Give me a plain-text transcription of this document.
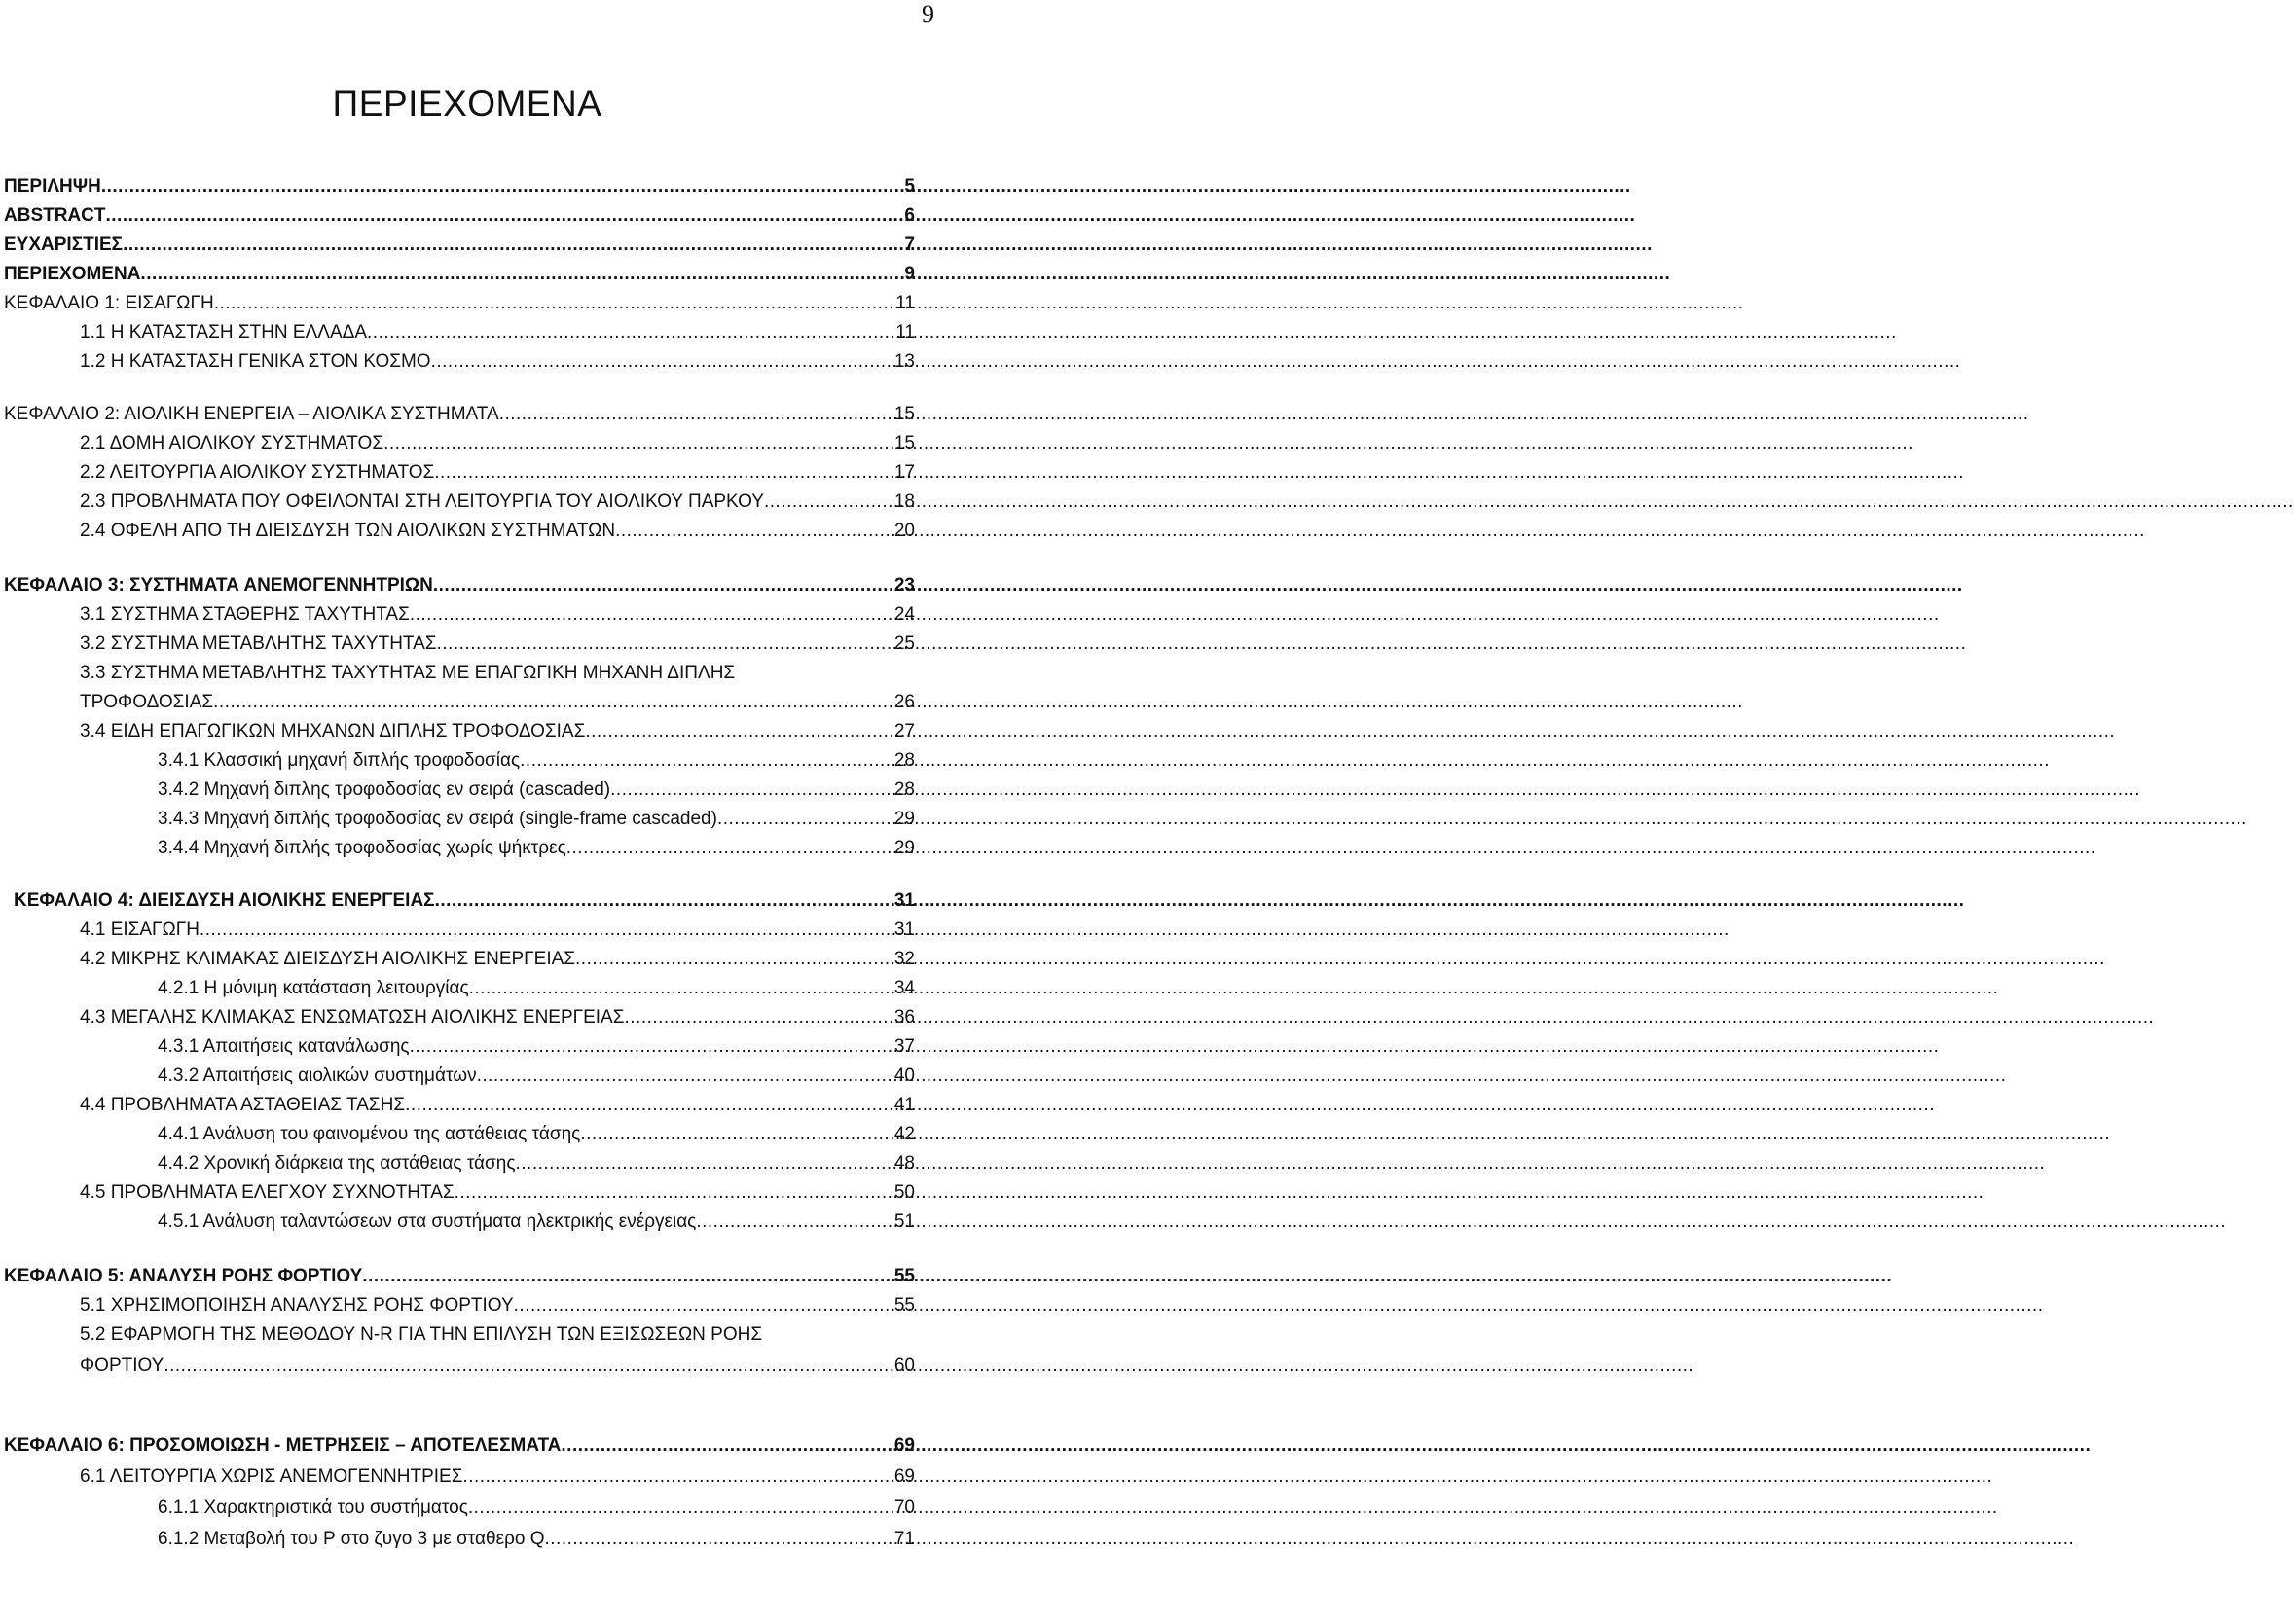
9
ΠΕΡΙΕΧΟΜΕΝΑ
ΠΕΡΙΛΗΨΗ .....	5
ABSTRACT .....	6
ΕΥΧΑΡΙΣΤΙΕΣ .....	7
ΠΕΡΙΕΧΟΜΕΝΑ .....	9
ΚΕΦΑΛΑΙΟ 1: ΕΙΣΑΓΩΓΗ .....	11
1.1 Η ΚΑΤΑΣΤΑΣΗ ΣΤΗΝ ΕΛΛΑΔΑ .....	11
1.2 Η ΚΑΤΑΣΤΑΣΗ ΓΕΝΙΚΑ ΣΤΟΝ ΚΟΣΜΟ .....	13
ΚΕΦΑΛΑΙΟ 2: ΑΙΟΛΙΚΗ ΕΝΕΡΓΕΙΑ – ΑΙΟΛΙΚΑ ΣΥΣΤΗΜΑΤΑ .....	15
2.1 ΔΟΜΗ ΑΙΟΛΙΚΟΥ ΣΥΣΤΗΜΑΤΟΣ .....	15
2.2 ΛΕΙΤΟΥΡΓΙΑ ΑΙΟΛΙΚΟΥ ΣΥΣΤΗΜΑΤΟΣ .....	17
2.3 ΠΡΟΒΛΗΜΑΤΑ ΠΟΥ ΟΦΕΙΛΟΝΤΑΙ ΣΤΗ ΛΕΙΤΟΥΡΓΙΑ ΤΟΥ ΑΙΟΛΙΚΟΥ ΠΑΡΚΟΥ .....	18
2.4 ΟΦΕΛΗ ΑΠΟ ΤΗ ΔΙΕΙΣΔΥΣΗ ΤΩΝ ΑΙΟΛΙΚΩΝ ΣΥΣΤΗΜΑΤΩΝ .....	20
ΚΕΦΑΛΑΙΟ 3: ΣΥΣΤΗΜΑΤΑ ΑΝΕΜΟΓΕΝΝΗΤΡΙΩΝ .....	23
3.1 ΣΥΣΤΗΜΑ ΣΤΑΘΕΡΗΣ ΤΑΧΥΤΗΤΑΣ .....	24
3.2 ΣΥΣΤΗΜΑ ΜΕΤΑΒΛΗΤΗΣ ΤΑΧΥΤΗΤΑΣ .....	25
3.3 ΣΥΣΤΗΜΑ ΜΕΤΑΒΛΗΤΗΣ ΤΑΧΥΤΗΤΑΣ ΜΕ ΕΠΑΓΩΓΙΚΗ ΜΗΧΑΝΗ ΔΙΠΛΗΣ
ΤΡΟΦΟΔΟΣΙΑΣ .....	26
3.4 ΕΙΔΗ ΕΠΑΓΩΓΙΚΩΝ ΜΗΧΑΝΩΝ ΔΙΠΛΗΣ ΤΡΟΦΟΔΟΣΙΑΣ .....	27
3.4.1 Κλασσική μηχανή διπλής τροφοδοσίας .....	28
3.4.2 Μηχανή διπλης τροφοδοσίας εν σειρά (cascaded) .....	28
3.4.3 Μηχανή διπλής τροφοδοσίας εν σειρά (single-frame cascaded) .....	29
3.4.4 Μηχανή διπλής τροφοδοσίας χωρίς ψήκτρες .....	29
ΚΕΦΑΛΑΙΟ 4: ΔΙΕΙΣΔΥΣΗ ΑΙΟΛΙΚΗΣ ΕΝΕΡΓΕΙΑΣ .....	31
4.1 ΕΙΣΑΓΩΓΗ .....	31
4.2 ΜΙΚΡΗΣ ΚΛΙΜΑΚΑΣ ΔΙΕΙΣΔΥΣΗ ΑΙΟΛΙΚΗΣ ΕΝΕΡΓΕΙΑΣ .....	32
4.2.1 Η μόνιμη κατάσταση λειτουργίας .....	34
4.3 ΜΕΓΑΛΗΣ ΚΛΙΜΑΚΑΣ ΕΝΣΩΜΑΤΩΣΗ ΑΙΟΛΙΚΗΣ ΕΝΕΡΓΕΙΑΣ .....	36
4.3.1 Απαιτήσεις κατανάλωσης .....	37
4.3.2 Απαιτήσεις αιολικών συστημάτων .....	40
4.4 ΠΡΟΒΛΗΜΑΤΑ ΑΣΤΑΘΕΙΑΣ ΤΑΣΗΣ .....	41
4.4.1 Ανάλυση του φαινομένου της αστάθειας τάσης .....	42
4.4.2 Χρονική διάρκεια της αστάθειας τάσης .....	48
4.5 ΠΡΟΒΛΗΜΑΤΑ ΕΛΕΓΧΟΥ ΣΥΧΝΟΤΗΤΑΣ .....	50
4.5.1 Ανάλυση ταλαντώσεων στα συστήματα ηλεκτρικής ενέργειας .....	51
ΚΕΦΑΛΑΙΟ 5: ΑΝΑΛΥΣΗ ΡΟΗΣ ΦΟΡΤΙΟΥ .....	55
5.1 ΧΡΗΣΙΜΟΠΟΙΗΣΗ ΑΝΑΛΥΣΗΣ ΡΟΗΣ ΦΟΡΤΙΟΥ .....	55
5.2 ΕΦΑΡΜΟΓΗ ΤΗΣ ΜΕΘΟΔΟΥ N-R ΓΙΑ ΤΗΝ ΕΠΙΛΥΣΗ ΤΩΝ ΕΞΙΣΩΣΕΩΝ ΡΟΗΣ
ΦΟΡΤΙΟΥ .....	60
ΚΕΦΑΛΑΙΟ 6: ΠΡΟΣΟΜΟΙΩΣΗ - ΜΕΤΡΗΣΕΙΣ – ΑΠΟΤΕΛΕΣΜΑΤΑ .....	69
6.1 ΛΕΙΤΟΥΡΓΙΑ ΧΩΡΙΣ ΑΝΕΜΟΓΕΝΝΗΤΡΙΕΣ .....	69
6.1.1 Χαρακτηριστικά του συστήματος .....	70
6.1.2 Μεταβολή του P στο ζυγο 3 με σταθερο Q .....	71
